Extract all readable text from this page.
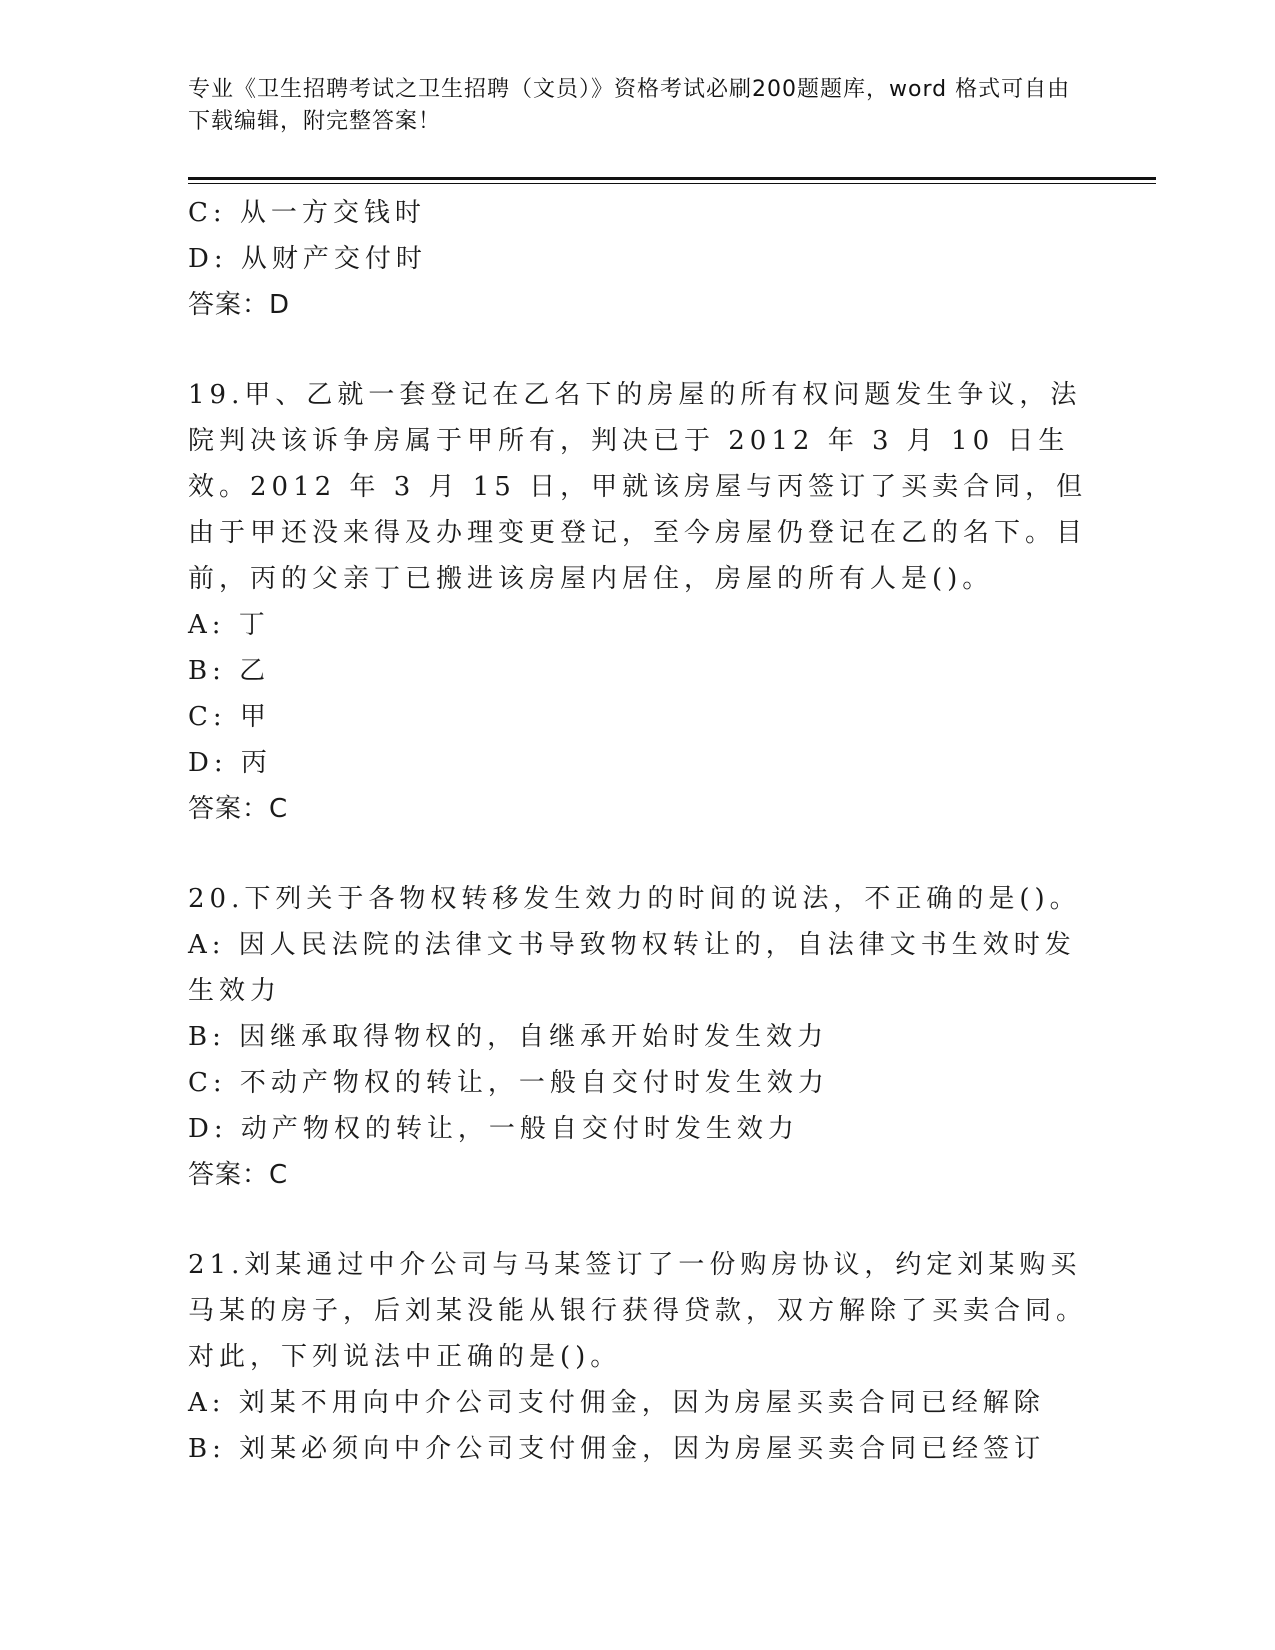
专业《卫生招聘考试之卫生招聘（文员）》资格考试必刷200题题库，word 格式可自由下载编辑，附完整答案！
C: 从一方交钱时
D: 从财产交付时
答案：D
19.甲、乙就一套登记在乙名下的房屋的所有权问题发生争议，法院判决该诉争房属于甲所有，判决已于 2012 年 3 月 10 日生效。2012 年 3 月 15 日，甲就该房屋与丙签订了买卖合同，但由于甲还没来得及办理变更登记，至今房屋仍登记在乙的名下。目前，丙的父亲丁已搬进该房屋内居住，房屋的所有人是()。
A: 丁
B: 乙
C: 甲
D: 丙
答案：C
20.下列关于各物权转移发生效力的时间的说法，不正确的是()。
A: 因人民法院的法律文书导致物权转让的，自法律文书生效时发生效力
B: 因继承取得物权的，自继承开始时发生效力
C: 不动产物权的转让，一般自交付时发生效力
D: 动产物权的转让，一般自交付时发生效力
答案：C
21.刘某通过中介公司与马某签订了一份购房协议，约定刘某购买马某的房子，后刘某没能从银行获得贷款，双方解除了买卖合同。对此，下列说法中正确的是()。
A: 刘某不用向中介公司支付佣金，因为房屋买卖合同已经解除
B: 刘某必须向中介公司支付佣金，因为房屋买卖合同已经签订
